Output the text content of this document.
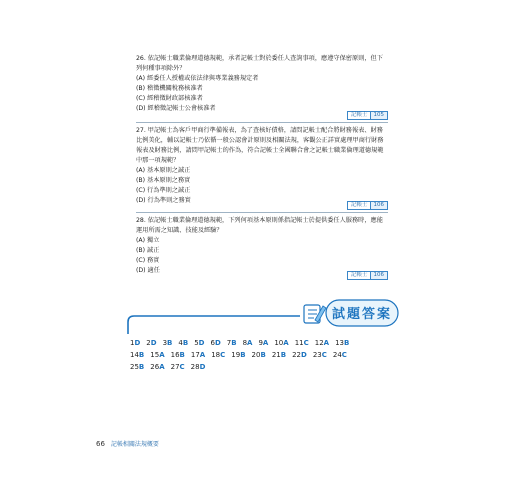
26. 依記帳士職業倫理道德規範，承者記帳士對於委任人查詢事項，應遵守保密原則，但下列何種事項除外？

(A) 經委任人授權或依法律與專業義務規定者

(B) 稽徵機關稅務核准者

(C) 經稽徵財政部核准者

(D) 經稽徵記帳士公會核准者

記帳士 105

27. 甲記帳士為客戶甲商行準備報表，為了查核好債格，請問記帳士配合將財務報表、財務比例美化，輔以記帳士乃依循一般公認會計原則及相關法規，客觀公正詳實處理甲商行財務報表及財務比例，請問甲記帳士的作為，符合記帳士全國聯合會之記帳士職業倫理道德規範中那一項規範？

(A) 基本原則之誠正

(B) 基本原則之務實

(C) 行為準則之誠正

(D) 行為準則之務實

記帳士 106

28. 依記帳士職業倫理道德規範，下列何項基本原則係指記帳士於提供委任人服務時，應能運用所需之知識、技能及經驗？

(A) 獨立

(B) 誠正

(C) 務實

(D) 適任

記帳士 106
試題答案
1D 2D 3B 4B 5D 6D 7B 8A 9A 10A 11C 12A 13B
14B 15A 16B 17A 18C 19B 20B 21B 22D 23C 24C
25B 26A 27C 28D
66 記帳相關法規概要
